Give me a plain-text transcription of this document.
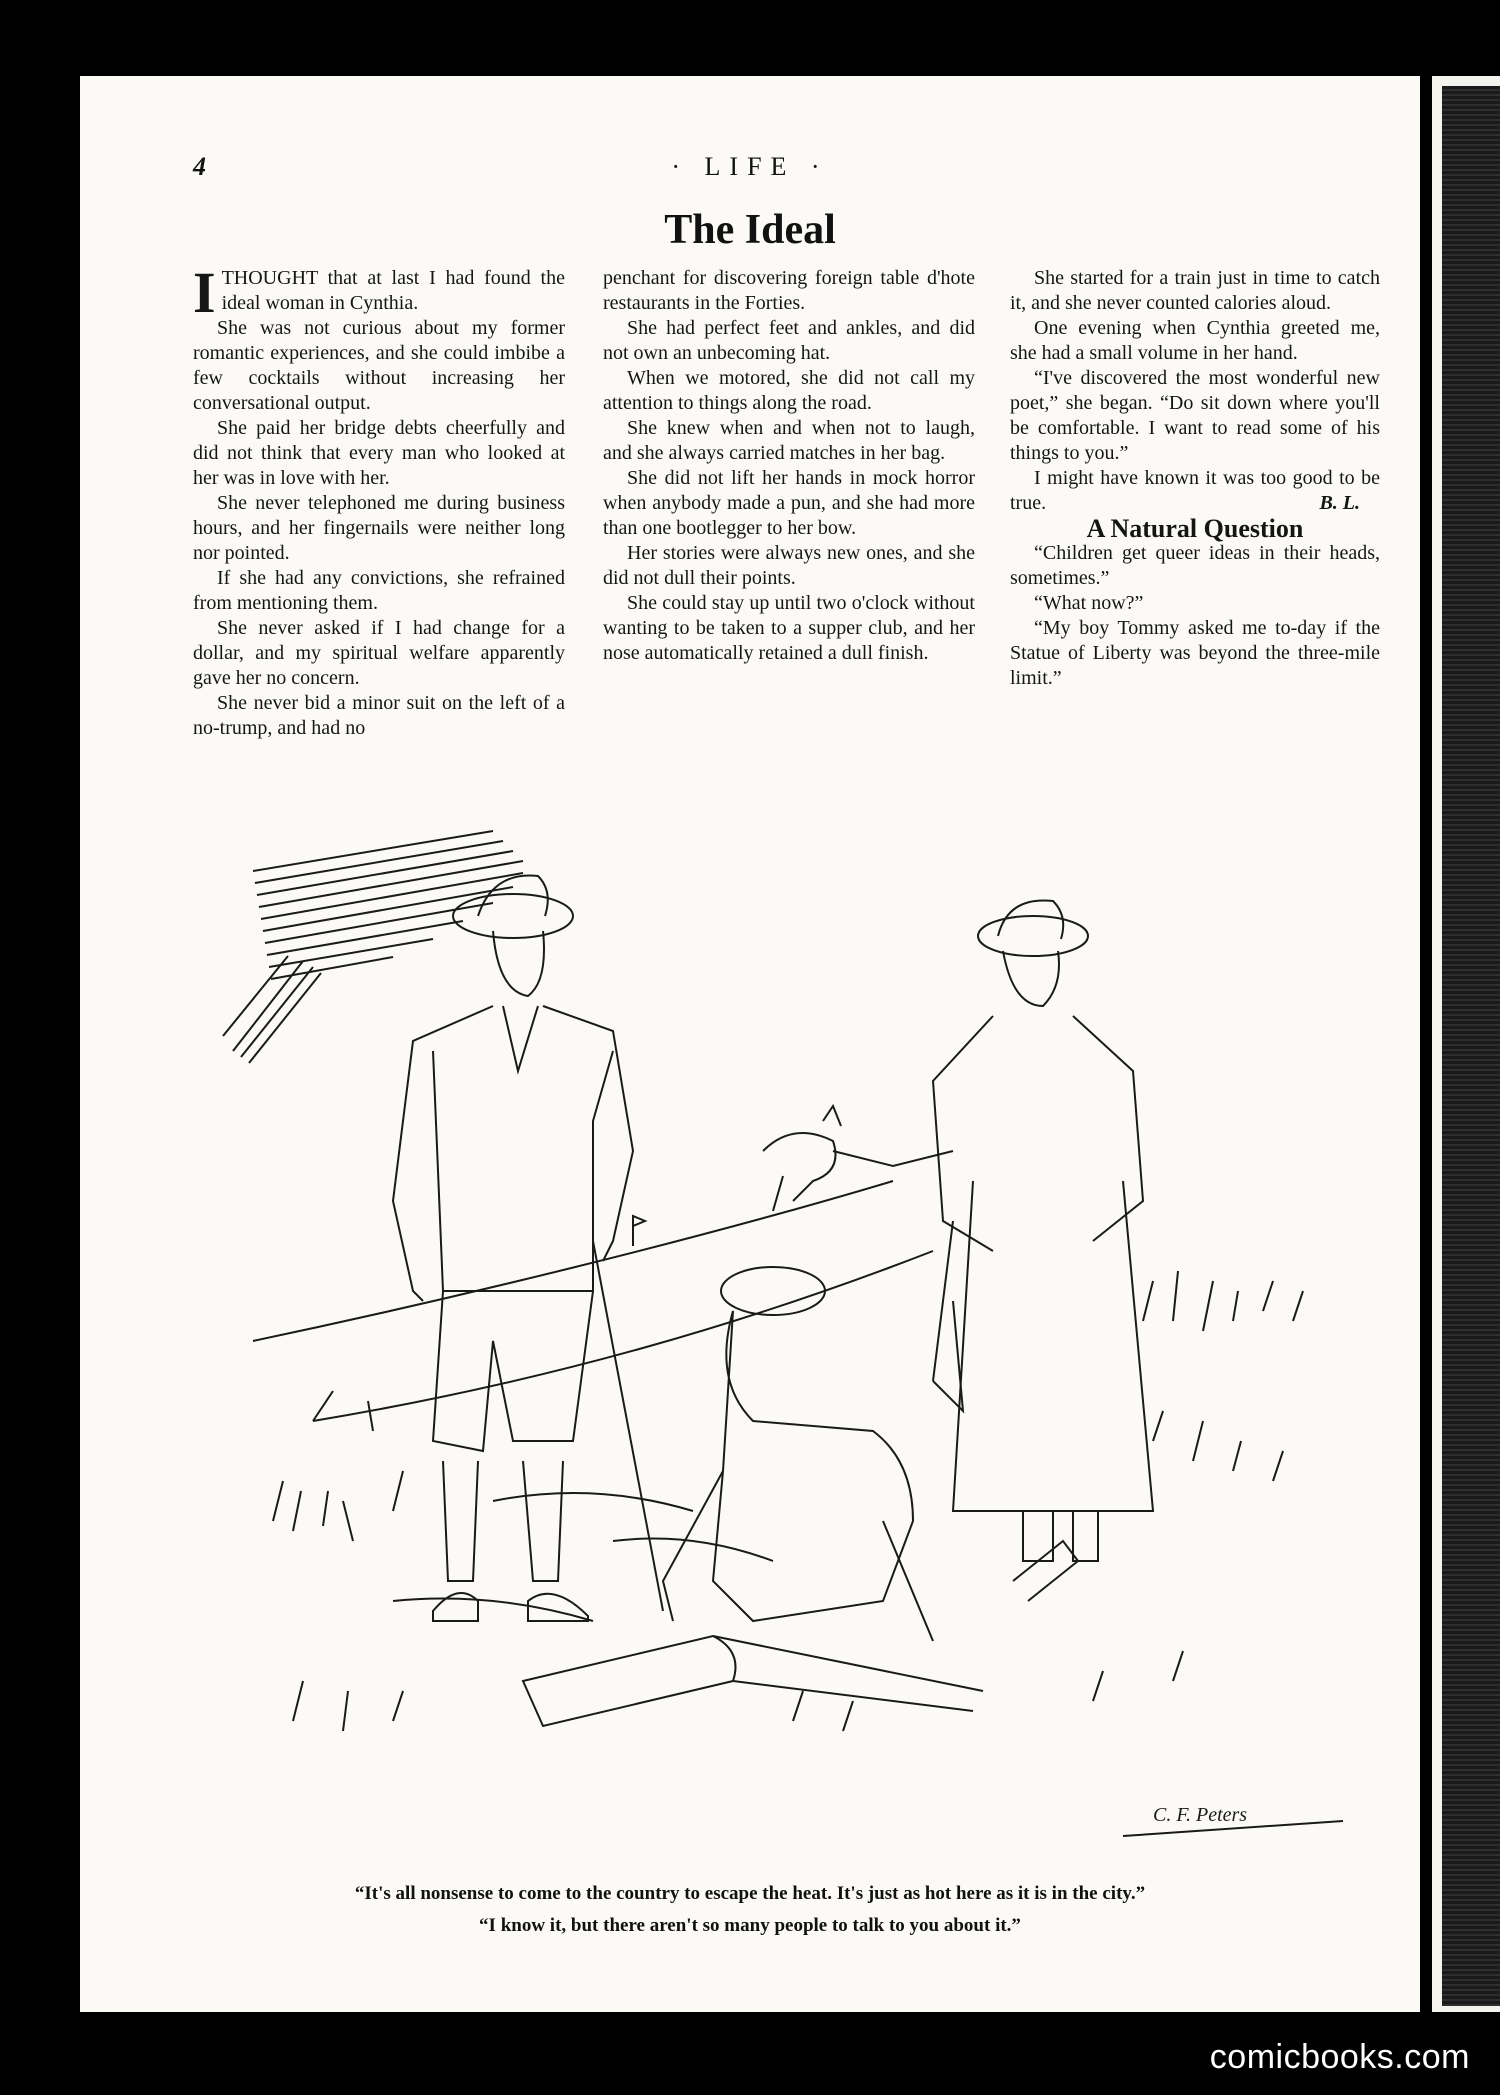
4	· LIFE ·
The Ideal

ITHOUGHT that at last I had found the ideal woman in Cynthia.

She was not curious about my former romantic experiences, and she could imbibe a few cocktails without increasing her conversational output.

She paid her bridge debts cheerfully and did not think that every man who looked at her was in love with her.

She never telephoned me during business hours, and her fingernails were neither long nor pointed.

If she had any convictions, she refrained from mentioning them.

She never asked if I had change for a dollar, and my spiritual welfare apparently gave her no concern.

She never bid a minor suit on the left of a no-trump, and had no

penchant for discovering foreign table d'hote restaurants in the Forties.

She had perfect feet and ankles, and did not own an unbecoming hat.

When we motored, she did not call my attention to things along the road.

She knew when and when not to laugh, and she always carried matches in her bag.

She did not lift her hands in mock horror when anybody made a pun, and she had more than one bootlegger to her bow.

Her stories were always new ones, and she did not dull their points.

She could stay up until two o'clock without wanting to be taken to a supper club, and her nose automatically retained a dull finish.

She started for a train just in time to catch it, and she never counted calories aloud.

One evening when Cynthia greeted me, she had a small volume in her hand.

“I've discovered the most wonderful new poet,” she began. “Do sit down where you'll be comfortable. I want to read some of his things to you.”

I might have known it was too good to be true.	B. L.

A Natural Question

“Children get queer ideas in their heads, sometimes.”

“What now?”

“My boy Tommy asked me to-day if the Statue of Liberty was beyond the three-mile limit.”

C. F. Peters
“It's all nonsense to come to the country to escape the heat. It's just as hot here as it is in the city.”
“I know it, but there aren't so many people to talk to you about it.”
comicbooks.com
